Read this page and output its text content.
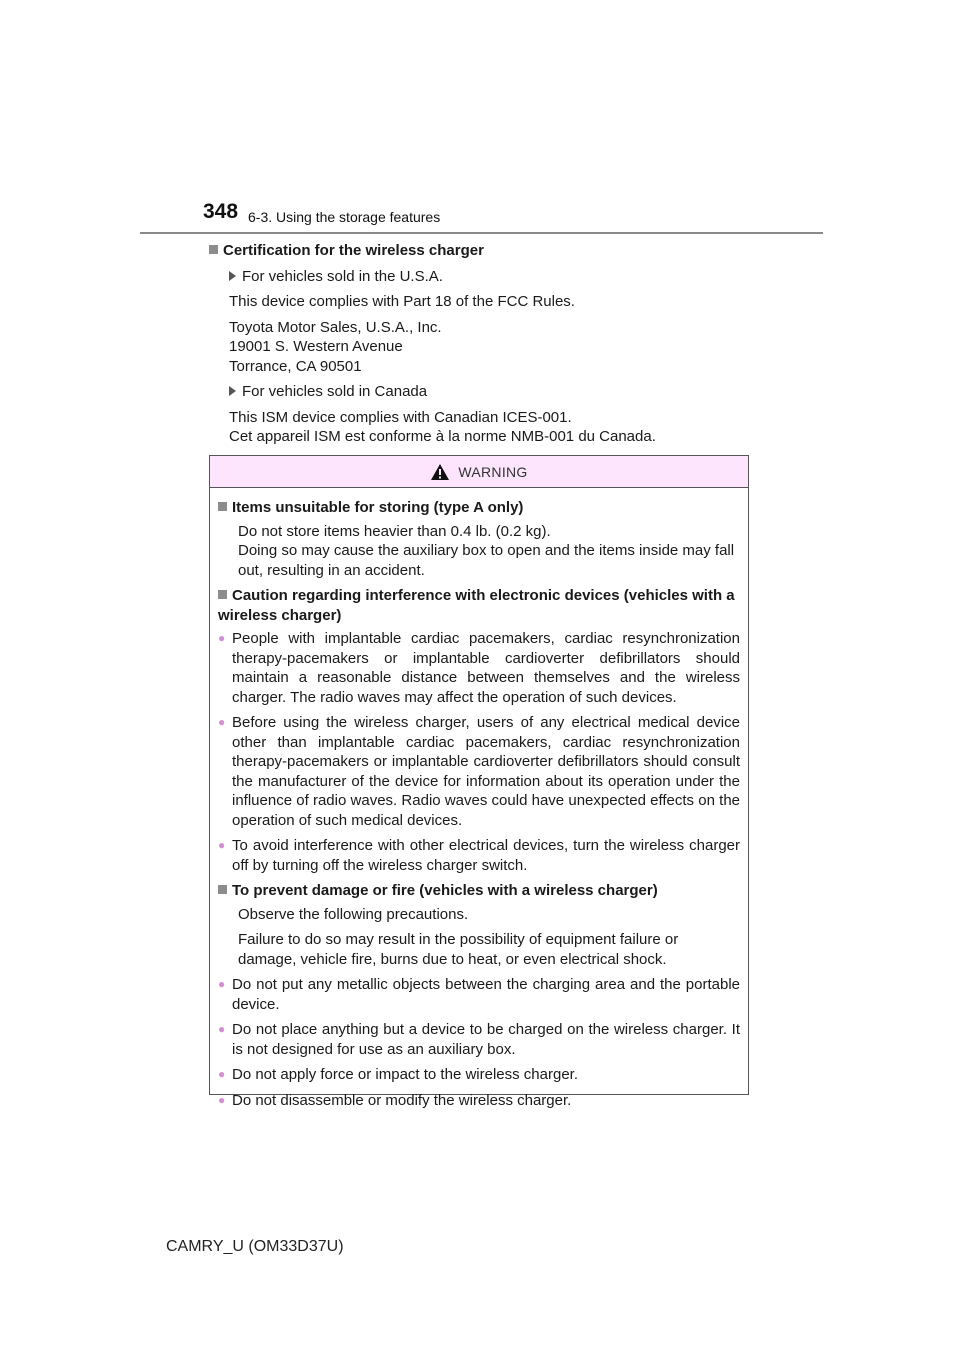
348 6-3. Using the storage features
Certification for the wireless charger
For vehicles sold in the U.S.A.
This device complies with Part 18 of the FCC Rules.
Toyota Motor Sales, U.S.A., Inc.
19001 S. Western Avenue
Torrance, CA 90501
For vehicles sold in Canada
This ISM device complies with Canadian ICES-001.
Cet appareil ISM est conforme à la norme NMB-001 du Canada.
WARNING
Items unsuitable for storing (type A only)
Do not store items heavier than 0.4 lb. (0.2 kg).
Doing so may cause the auxiliary box to open and the items inside may fall out, resulting in an accident.
Caution regarding interference with electronic devices (vehicles with a wireless charger)
● People with implantable cardiac pacemakers, cardiac resynchronization therapy-pacemakers or implantable cardioverter defibrillators should maintain a reasonable distance between themselves and the wireless charger. The radio waves may affect the operation of such devices.
● Before using the wireless charger, users of any electrical medical device other than implantable cardiac pacemakers, cardiac resynchronization therapy-pacemakers or implantable cardioverter defibrillators should consult the manufacturer of the device for information about its operation under the influence of radio waves. Radio waves could have unexpected effects on the operation of such medical devices.
● To avoid interference with other electrical devices, turn the wireless charger off by turning off the wireless charger switch.
To prevent damage or fire (vehicles with a wireless charger)
Observe the following precautions.
Failure to do so may result in the possibility of equipment failure or damage, vehicle fire, burns due to heat, or even electrical shock.
● Do not put any metallic objects between the charging area and the portable device.
● Do not place anything but a device to be charged on the wireless charger. It is not designed for use as an auxiliary box.
● Do not apply force or impact to the wireless charger.
● Do not disassemble or modify the wireless charger.
CAMRY_U (OM33D37U)
